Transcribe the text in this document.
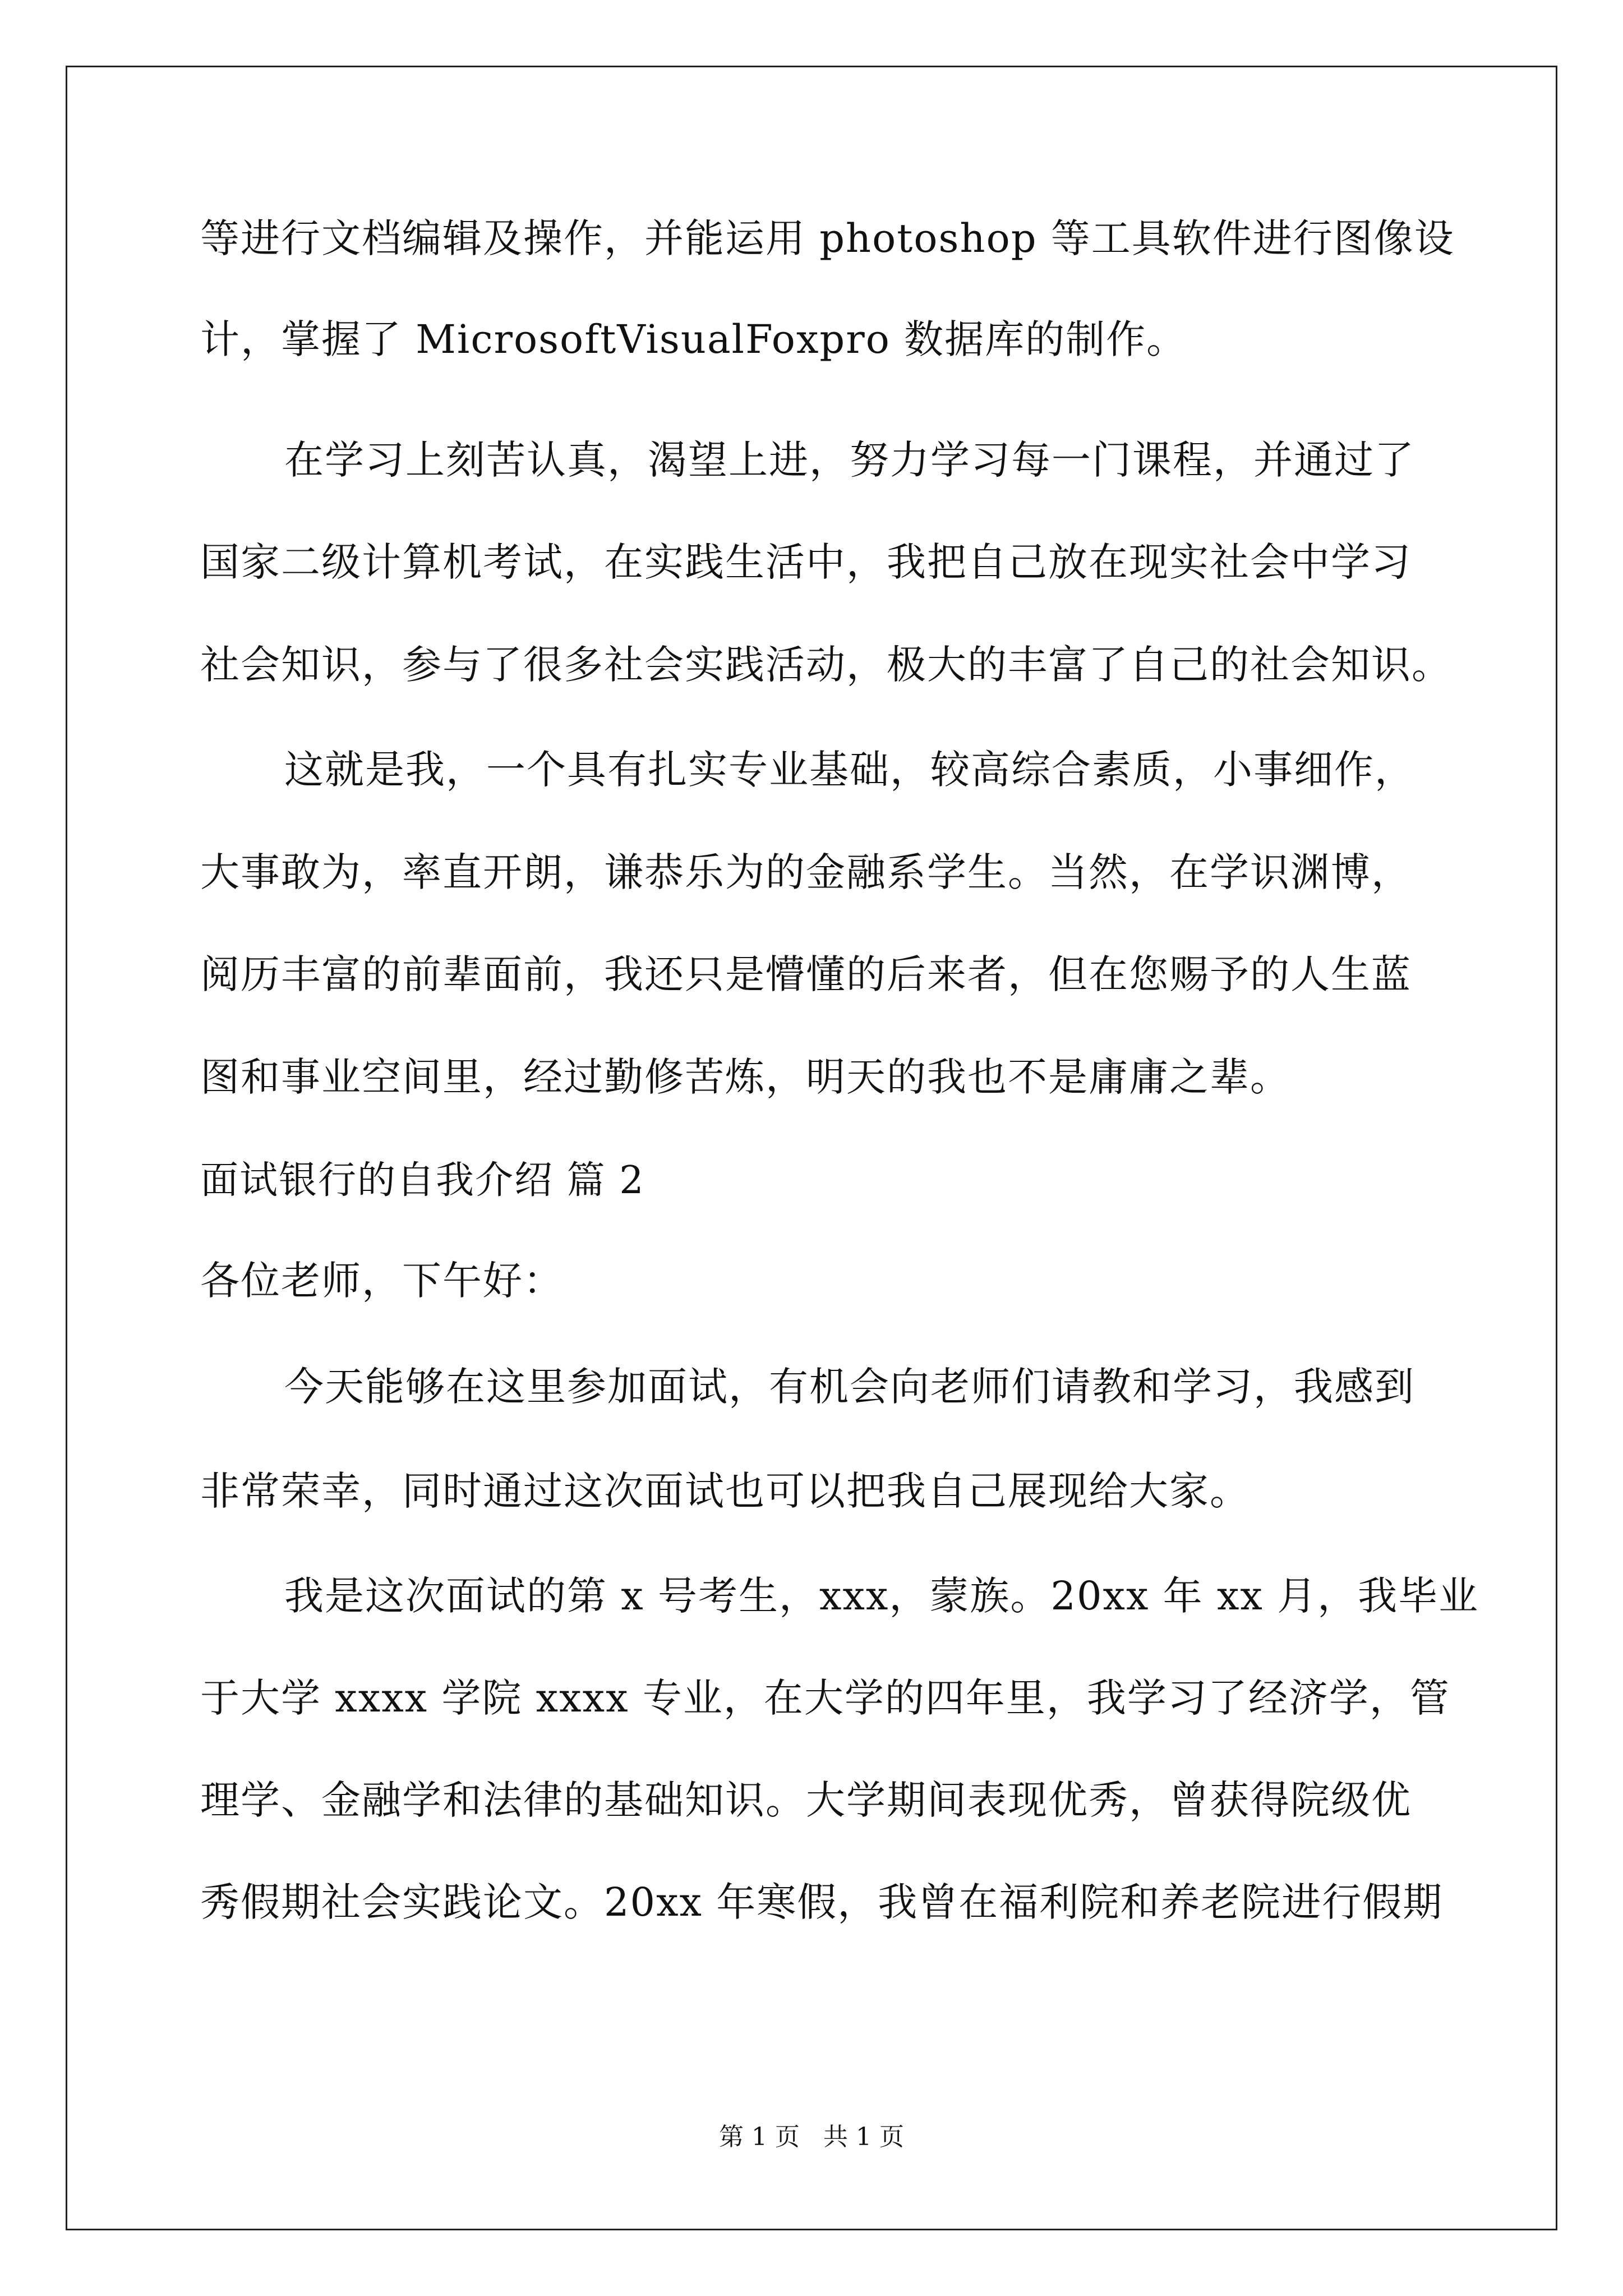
等进行文档编辑及操作，并能运用 photoshop 等工具软件进行图像设
计，掌握了 MicrosoftVisualFoxpro 数据库的制作。
在学习上刻苦认真，渴望上进，努力学习每一门课程，并通过了
国家二级计算机考试，在实践生活中，我把自己放在现实社会中学习
社会知识，参与了很多社会实践活动，极大的丰富了自己的社会知识。
这就是我，一个具有扎实专业基础，较高综合素质，小事细作，
大事敢为，率直开朗，谦恭乐为的金融系学生。当然，在学识渊博，
阅历丰富的前辈面前，我还只是懵懂的后来者，但在您赐予的人生蓝
图和事业空间里，经过勤修苦炼，明天的我也不是庸庸之辈。
面试银行的自我介绍 篇 2
各位老师，下午好：
今天能够在这里参加面试，有机会向老师们请教和学习，我感到
非常荣幸，同时通过这次面试也可以把我自己展现给大家。
我是这次面试的第 x 号考生，xxx，蒙族。20xx 年 xx 月，我毕业
于大学 xxxx 学院 xxxx 专业，在大学的四年里，我学习了经济学，管
理学、金融学和法律的基础知识。大学期间表现优秀，曾获得院级优
秀假期社会实践论文。20xx 年寒假，我曾在福利院和养老院进行假期
第 1 页 共 1 页
